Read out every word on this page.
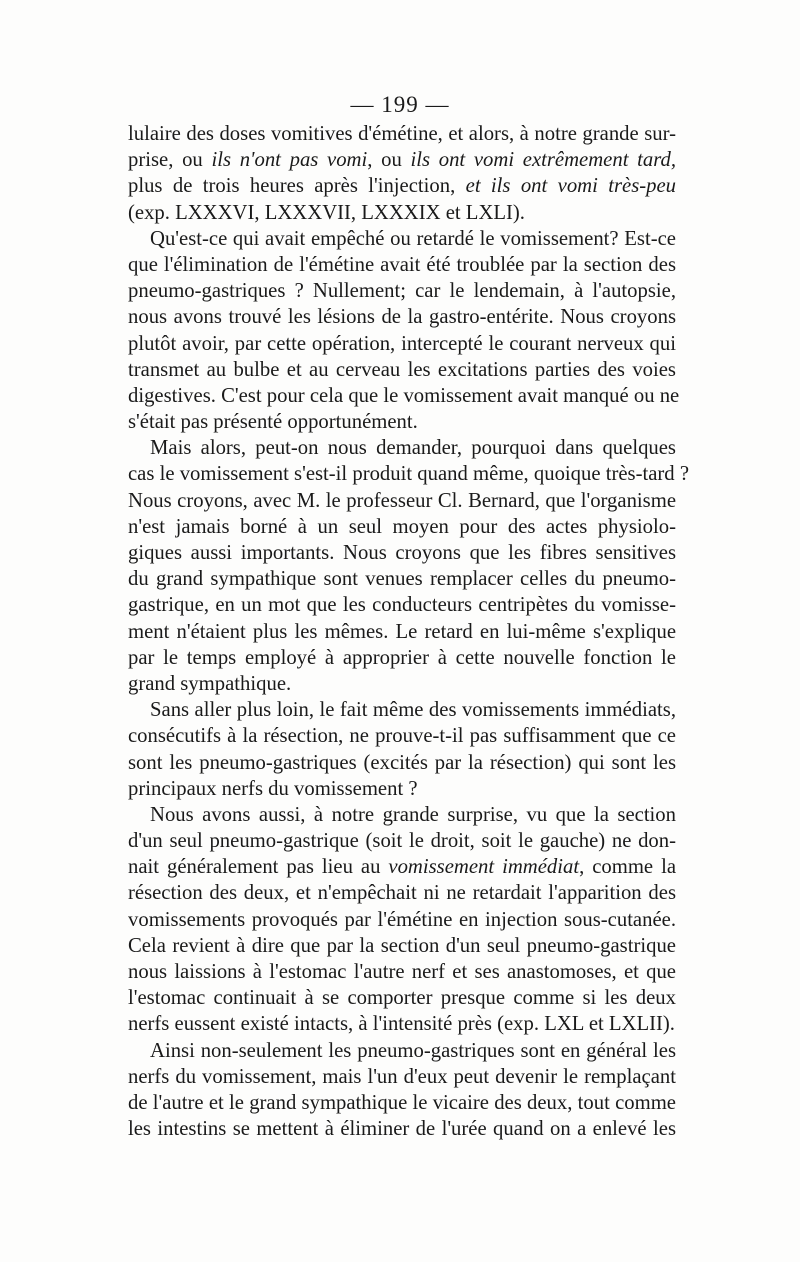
— 199 —
lulaire des doses vomitives d'émétine, et alors, à notre grande sur-
prise, ou ils n'ont pas vomi, ou ils ont vomi extrêmement tard,
plus de trois heures après l'injection, et ils ont vomi très-peu
(exp. LXXXVI, LXXXVII, LXXXIX et LXLI).
Qu'est-ce qui avait empêché ou retardé le vomissement? Est-ce
que l'élimination de l'émétine avait été troublée par la section des
pneumo-gastriques ? Nullement; car le lendemain, à l'autopsie,
nous avons trouvé les lésions de la gastro-entérite. Nous croyons
plutôt avoir, par cette opération, intercepté le courant nerveux qui
transmet au bulbe et au cerveau les excitations parties des voies
digestives. C'est pour cela que le vomissement avait manqué ou ne
s'était pas présenté opportunément.
Mais alors, peut-on nous demander, pourquoi dans quelques
cas le vomissement s'est-il produit quand même, quoique très-tard ?
Nous croyons, avec M. le professeur Cl. Bernard, que l'organisme
n'est jamais borné à un seul moyen pour des actes physiolo-
giques aussi importants. Nous croyons que les fibres sensitives
du grand sympathique sont venues remplacer celles du pneumo-
gastrique, en un mot que les conducteurs centripètes du vomisse-
ment n'étaient plus les mêmes. Le retard en lui-même s'explique
par le temps employé à approprier à cette nouvelle fonction le
grand sympathique.
Sans aller plus loin, le fait même des vomissements immédiats,
consécutifs à la résection, ne prouve-t-il pas suffisamment que ce
sont les pneumo-gastriques (excités par la résection) qui sont les
principaux nerfs du vomissement ?
Nous avons aussi, à notre grande surprise, vu que la section
d'un seul pneumo-gastrique (soit le droit, soit le gauche) ne don-
nait généralement pas lieu au vomissement immédiat, comme la
résection des deux, et n'empêchait ni ne retardait l'apparition des
vomissements provoqués par l'émétine en injection sous-cutanée.
Cela revient à dire que par la section d'un seul pneumo-gastrique
nous laissions à l'estomac l'autre nerf et ses anastomoses, et que
l'estomac continuait à se comporter presque comme si les deux
nerfs eussent existé intacts, à l'intensité près (exp. LXL et LXLII).
Ainsi non-seulement les pneumo-gastriques sont en général les
nerfs du vomissement, mais l'un d'eux peut devenir le remplaçant
de l'autre et le grand sympathique le vicaire des deux, tout comme
les intestins se mettent à éliminer de l'urée quand on a enlevé les
